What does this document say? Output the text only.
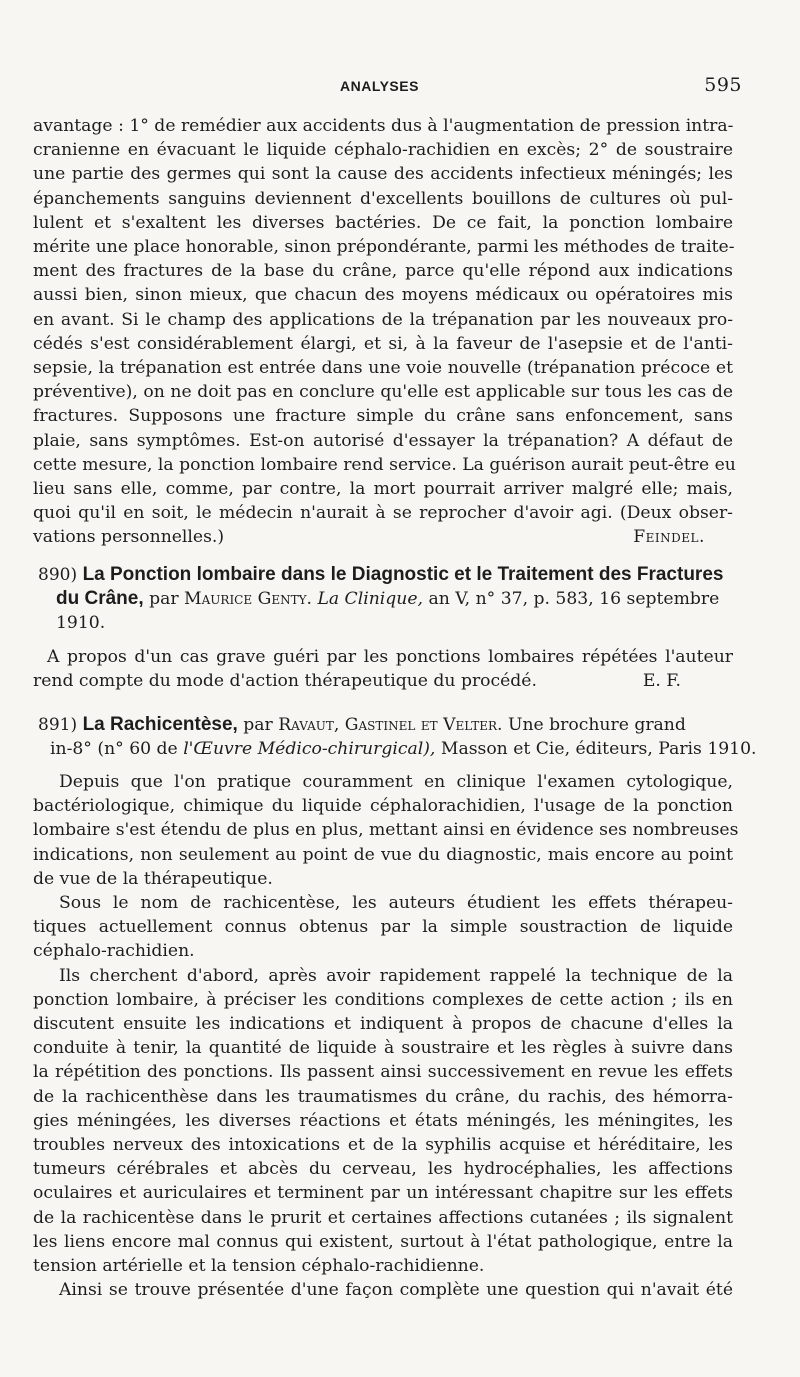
ANALYSES	595
avantage : 1° de remédier aux accidents dus à l'augmentation de pression intra-
cranienne en évacuant le liquide céphalo-rachidien en excès; 2° de soustraire
une partie des germes qui sont la cause des accidents infectieux méningés; les
épanchements sanguins deviennent d'excellents bouillons de cultures où pul-
lulent et s'exaltent les diverses bactéries. De ce fait, la ponction lombaire
mérite une place honorable, sinon prépondérante, parmi les méthodes de traite-
ment des fractures de la base du crâne, parce qu'elle répond aux indications
aussi bien, sinon mieux, que chacun des moyens médicaux ou opératoires mis
en avant. Si le champ des applications de la trépanation par les nouveaux pro-
cédés s'est considérablement élargi, et si, à la faveur de l'asepsie et de l'anti-
sepsie, la trépanation est entrée dans une voie nouvelle (trépanation précoce et
préventive), on ne doit pas en conclure qu'elle est applicable sur tous les cas de
fractures. Supposons une fracture simple du crâne sans enfoncement, sans
plaie, sans symptômes. Est-on autorisé d'essayer la trépanation? A défaut de
cette mesure, la ponction lombaire rend service. La guérison aurait peut-être eu
lieu sans elle, comme, par contre, la mort pourrait arriver malgré elle; mais,
quoi qu'il en soit, le médecin n'aurait à se reprocher d'avoir agi. (Deux obser-
vations personnelles.)	Feindel.
890) La Ponction lombaire dans le Diagnostic et le Traitement des Fractures du Crâne, par Maurice Genty. La Clinique, an V, n° 37, p. 583, 16 septembre 1910.
A propos d'un cas grave guéri par les ponctions lombaires répétées l'auteur
rend compte du mode d'action thérapeutique du procédé.	E. F.
891) La Rachicentèse, par Ravaut, Gastinel et Velter. Une brochure grand
in-8° (n° 60 de l'Œuvre Médico-chirurgical), Masson et Cie, éditeurs, Paris 1910.
Depuis que l'on pratique couramment en clinique l'examen cytologique,
bactériologique, chimique du liquide céphalorachidien, l'usage de la ponction
lombaire s'est étendu de plus en plus, mettant ainsi en évidence ses nombreuses
indications, non seulement au point de vue du diagnostic, mais encore au point
de vue de la thérapeutique.
Sous le nom de rachicentèse, les auteurs étudient les effets thérapeu-
tiques actuellement connus obtenus par la simple soustraction de liquide
céphalo-rachidien.
Ils cherchent d'abord, après avoir rapidement rappelé la technique de la
ponction lombaire, à préciser les conditions complexes de cette action ; ils en
discutent ensuite les indications et indiquent à propos de chacune d'elles la
conduite à tenir, la quantité de liquide à soustraire et les règles à suivre dans
la répétition des ponctions. Ils passent ainsi successivement en revue les effets
de la rachicenthèse dans les traumatismes du crâne, du rachis, des hémorra-
gies méningées, les diverses réactions et états méningés, les méningites, les
troubles nerveux des intoxications et de la syphilis acquise et héréditaire, les
tumeurs cérébrales et abcès du cerveau, les hydrocéphalies, les affections
oculaires et auriculaires et terminent par un intéressant chapitre sur les effets
de la rachicentèse dans le prurit et certaines affections cutanées ; ils signalent
les liens encore mal connus qui existent, surtout à l'état pathologique, entre la
tension artérielle et la tension céphalo-rachidienne.
Ainsi se trouve présentée d'une façon complète une question qui n'avait été
